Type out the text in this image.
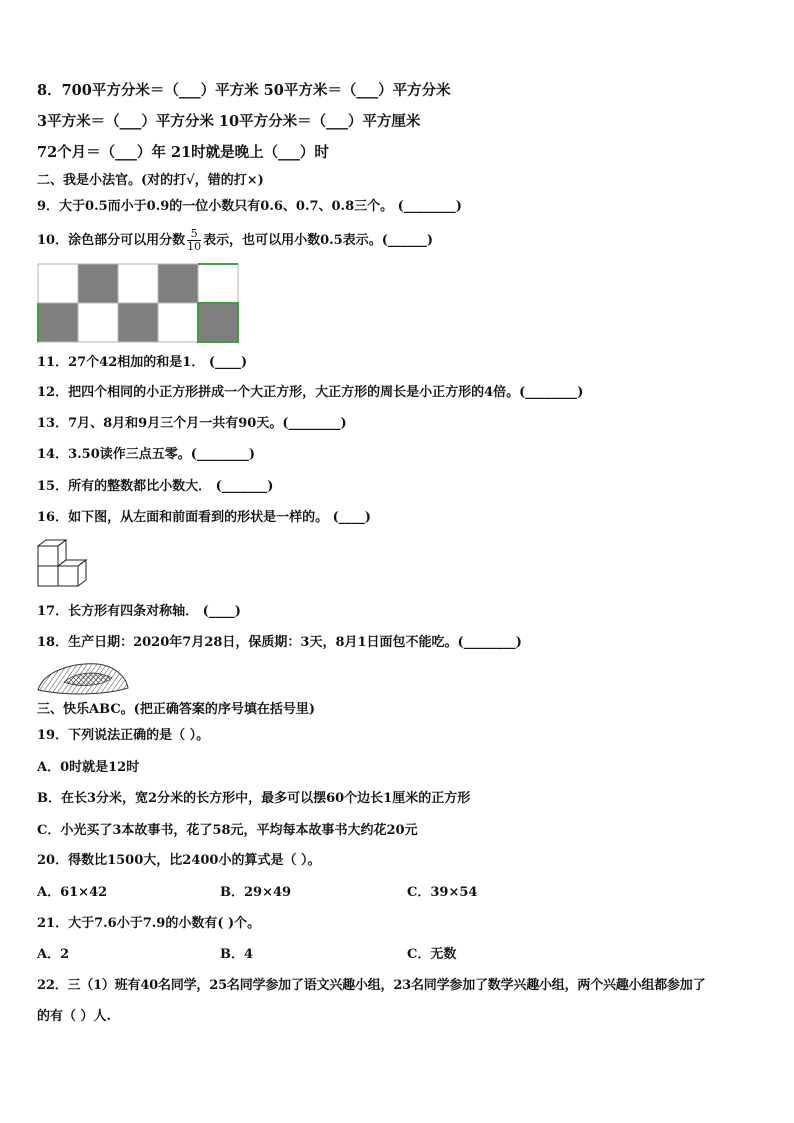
8．700平方分米＝（___）平方米 50平方米＝（___）平方分米
3平方米＝（___）平方分米 10平方分米＝（___）平方厘米
72个月＝（___）年 21时就是晚上（___）时
二、我是小法官。(对的打√，错的打×)
9．大于0.5而小于0.9的一位小数只有0.6、0.7、0.8三个。 (________)
10．涂色部分可以用分数 $\frac{5}{10}$ 表示，也可以用小数0.5表示。(______)
11．27个42相加的和是1． (____)
12．把四个相同的小正方形拼成一个大正方形，大正方形的周长是小正方形的4倍。(________)
13．7月、8月和9月三个月一共有90天。(________)
14．3.50读作三点五零。(________)
15．所有的整数都比小数大． (_______)
16．如下图，从左面和前面看到的形状是一样的。 (____)
17．长方形有四条对称轴． (____)
18．生产日期：2020年7月28日，保质期：3天，8月1日面包不能吃。(________)
三、快乐ABC。(把正确答案的序号填在括号里)
19．下列说法正确的是（ ）。
A．0时就是12时
B．在长3分米，宽2分米的长方形中，最多可以摆60个边长1厘米的正方形
C．小光买了3本故事书，花了58元，平均每本故事书大约花20元
20．得数比1500大，比2400小的算式是（ ）。
A．61×42	B．29×49	C．39×54
21．大于7.6小于7.9的小数有( )个。
A．2	B．4	C．无数
22．三（1）班有40名同学，25名同学参加了语文兴趣小组，23名同学参加了数学兴趣小组，两个兴趣小组都参加了
的有（ ）人.
